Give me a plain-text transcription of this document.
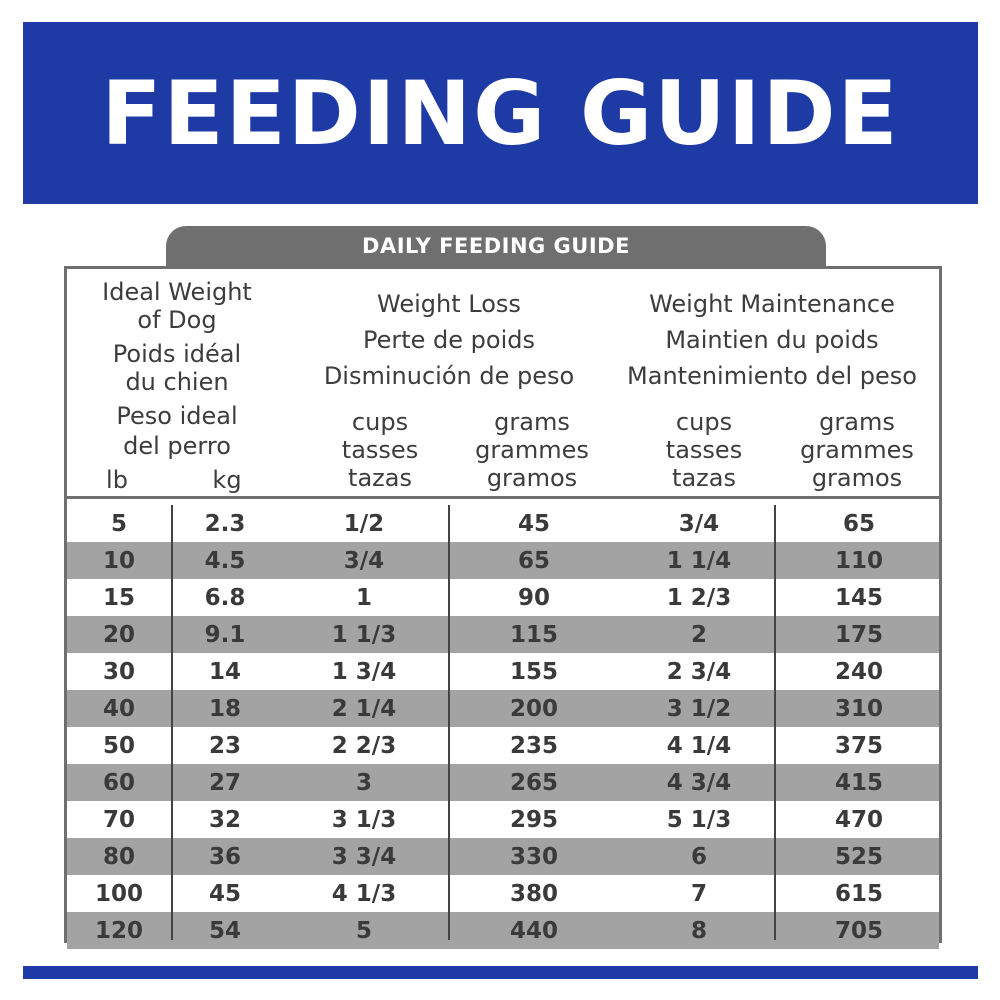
FEEDING GUIDE
DAILY FEEDING GUIDE
Ideal Weight
of Dog
Poids idéal
du chien
Peso ideal
del perro
lb	kg
Weight Loss
Perte de poids
Disminución de peso
cups
tasses
tazas
grams
grammes
gramos
Weight Maintenance
Maintien du poids
Mantenimiento del peso
cups
tasses
tazas
grams
grammes
gramos
5	2.3	1/2	45	3/4	65
10	4.5	3/4	65	1 1/4	110
15	6.8	1	90	1 2/3	145
20	9.1	1 1/3	115	2	175
30	14	1 3/4	155	2 3/4	240
40	18	2 1/4	200	3 1/2	310
50	23	2 2/3	235	4 1/4	375
60	27	3	265	4 3/4	415
70	32	3 1/3	295	5 1/3	470
80	36	3 3/4	330	6	525
100	45	4 1/3	380	7	615
120	54	5	440	8	705
